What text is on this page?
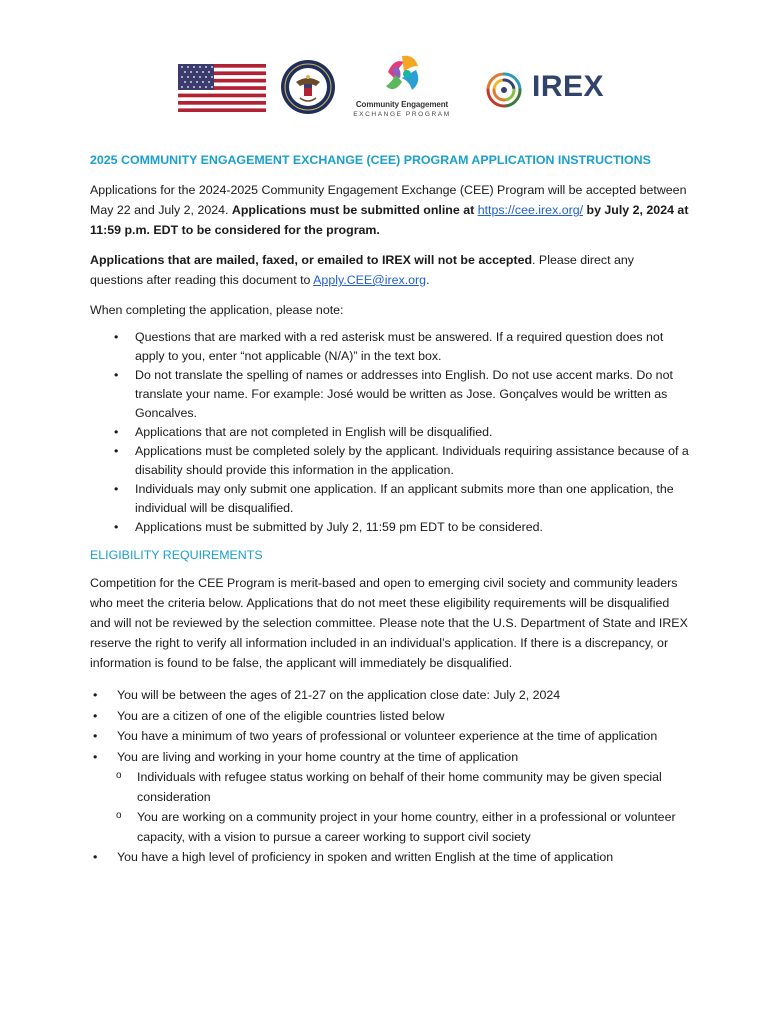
Community Engagement
EXCHANGE PROGRAM
IREX
2025 COMMUNITY ENGAGEMENT EXCHANGE (CEE) PROGRAM APPLICATION INSTRUCTIONS

Applications for the 2024-2025 Community Engagement Exchange (CEE) Program will be accepted between May 22 and July 2, 2024. Applications must be submitted online at https://cee.irex.org/ by July 2, 2024 at 11:59 p.m. EDT to be considered for the program.

Applications that are mailed, faxed, or emailed to IREX will not be accepted. Please direct any questions after reading this document to Apply.CEE@irex.org.

When completing the application, please note:

• Questions that are marked with a red asterisk must be answered. If a required question does not apply to you, enter “not applicable (N/A)” in the text box.
• Do not translate the spelling of names or addresses into English. Do not use accent marks. Do not translate your name. For example: José would be written as Jose. Gonçalves would be written as Goncalves.
• Applications that are not completed in English will be disqualified.
• Applications must be completed solely by the applicant. Individuals requiring assistance because of a disability should provide this information in the application.
• Individuals may only submit one application. If an applicant submits more than one application, the individual will be disqualified.
• Applications must be submitted by July 2, 11:59 pm EDT to be considered.
ELIGIBILITY REQUIREMENTS

Competition for the CEE Program is merit-based and open to emerging civil society and community leaders who meet the criteria below. Applications that do not meet these eligibility requirements will be disqualified and will not be reviewed by the selection committee. Please note that the U.S. Department of State and IREX reserve the right to verify all information included in an individual’s application. If there is a discrepancy, or information is found to be false, the applicant will immediately be disqualified.

• You will be between the ages of 21-27 on the application close date: July 2, 2024
• You are a citizen of one of the eligible countries listed below
• You have a minimum of two years of professional or volunteer experience at the time of application
• You are living and working in your home country at the time of application
o Individuals with refugee status working on behalf of their home community may be given special consideration
o You are working on a community project in your home country, either in a professional or volunteer capacity, with a vision to pursue a career working to support civil society
• You have a high level of proficiency in spoken and written English at the time of application
